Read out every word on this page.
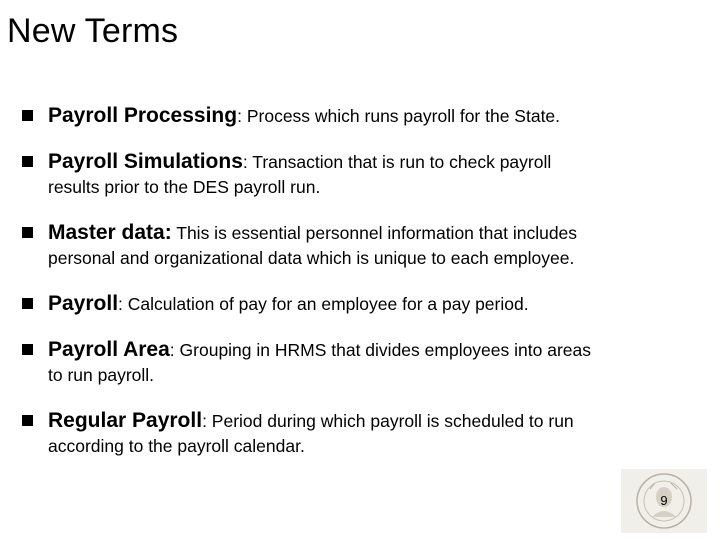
New Terms
Payroll Processing: Process which runs payroll for the State.
Payroll Simulations: Transaction that is run to check payroll
results prior to the DES payroll run.
Master data: This is essential personnel information that includes
personal and organizational data which is unique to each employee.
Payroll: Calculation of pay for an employee for a pay period.
Payroll Area: Grouping in HRMS that divides employees into areas
to run payroll.
Regular Payroll: Period during which payroll is scheduled to run
according to the payroll calendar.
9
